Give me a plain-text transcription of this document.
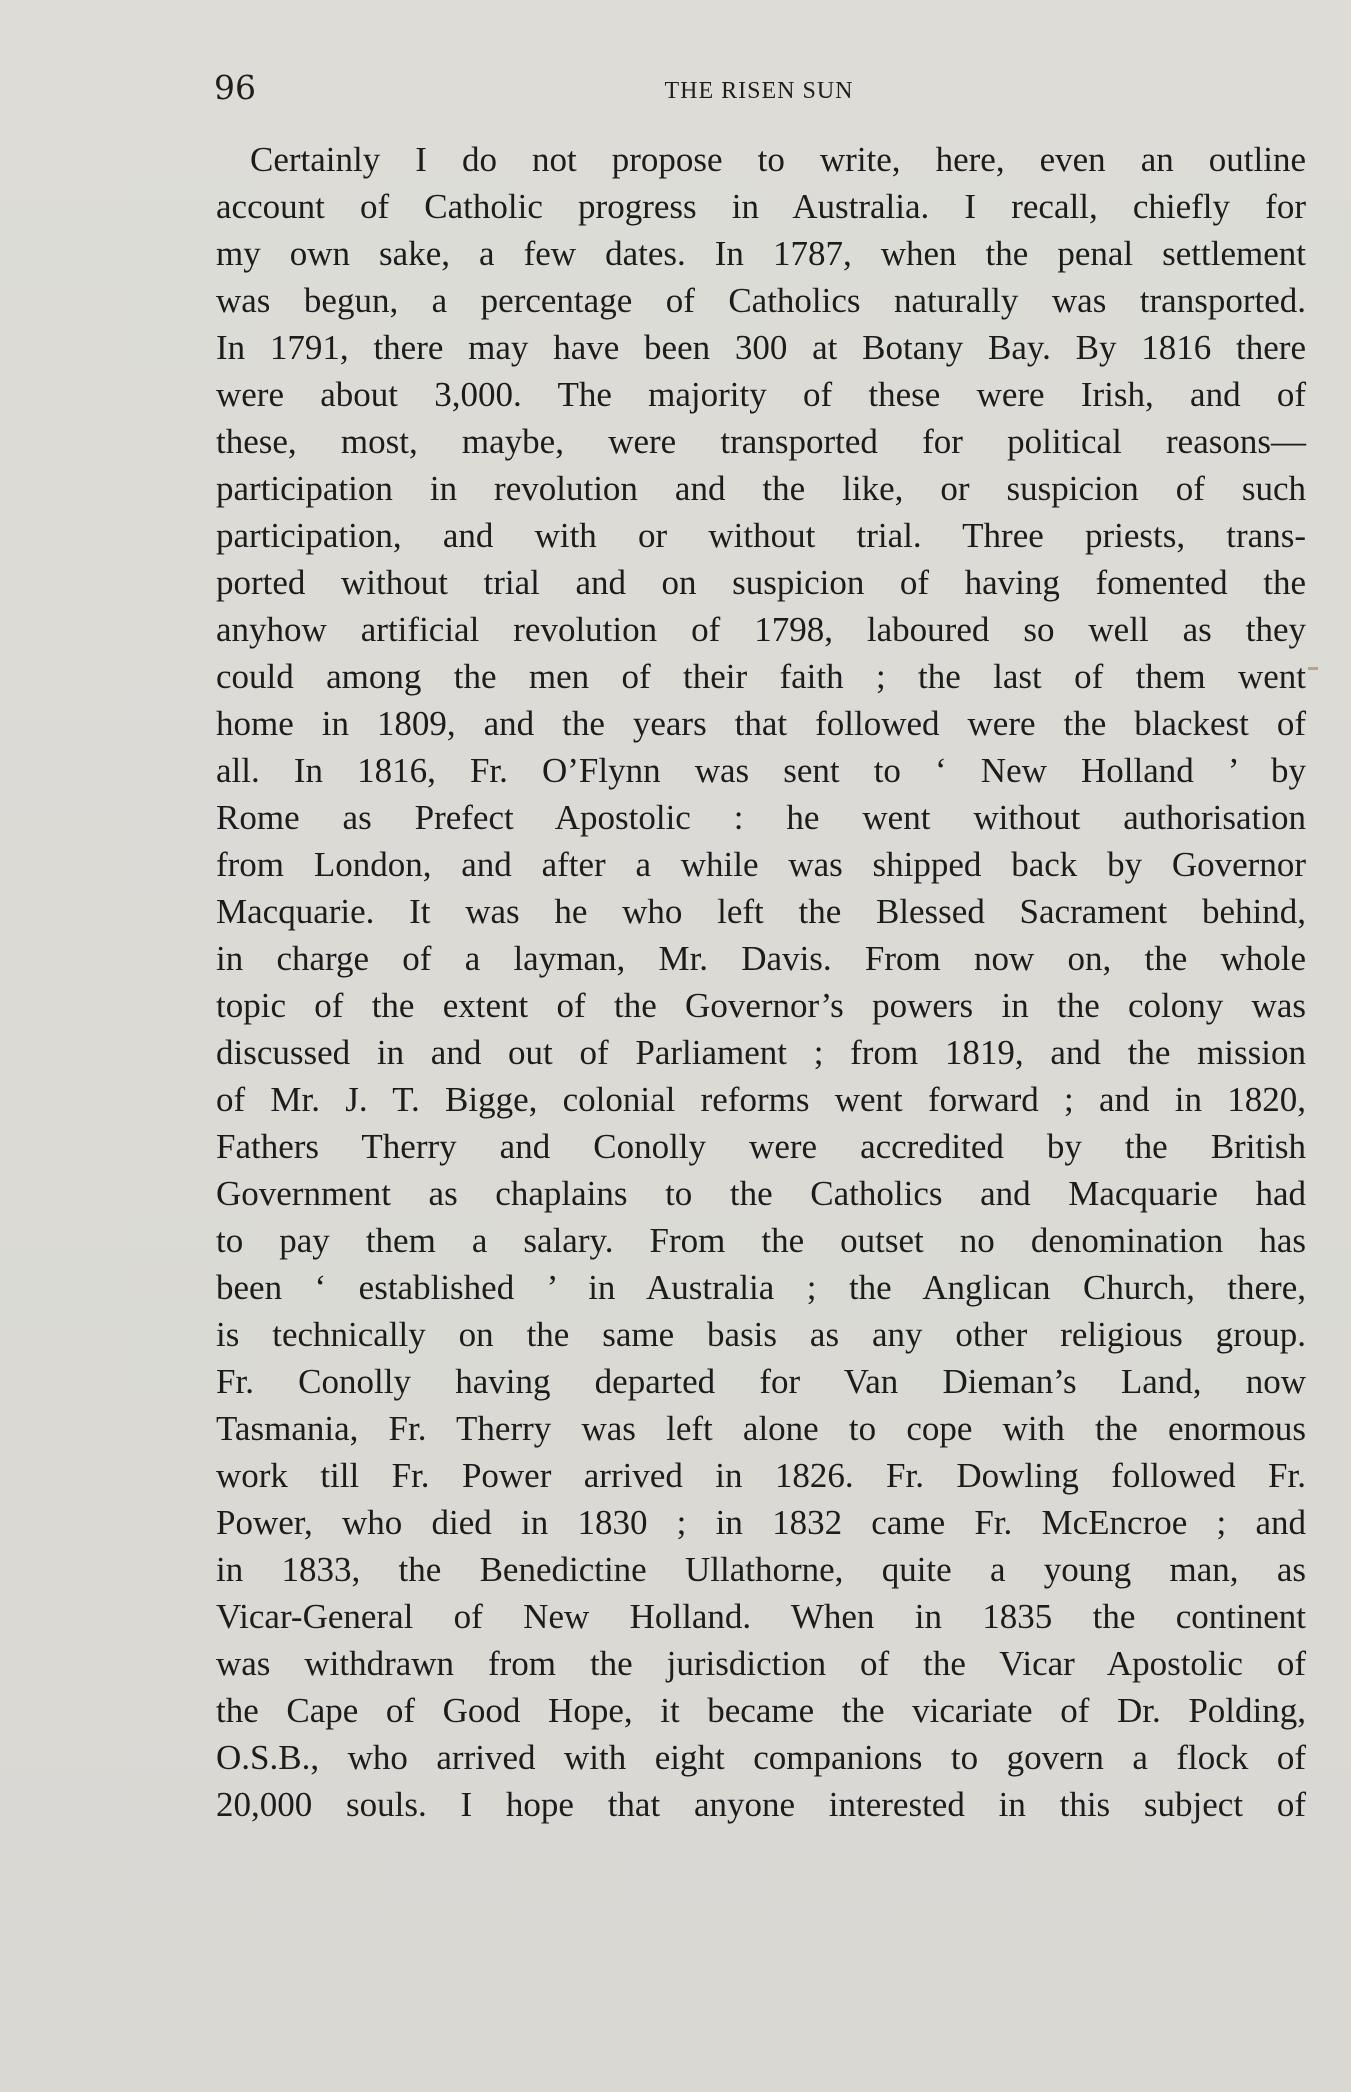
96	THE RISEN SUN
Certainly I do not propose to write, here, even an outline
account of Catholic progress in Australia. I recall, chiefly for
my own sake, a few dates. In 1787, when the penal settlement
was begun, a percentage of Catholics naturally was transported.
In 1791, there may have been 300 at Botany Bay. By 1816 there
were about 3,000. The majority of these were Irish, and of
these, most, maybe, were transported for political reasons—
participation in revolution and the like, or suspicion of such
participation, and with or without trial. Three priests, trans-
ported without trial and on suspicion of having fomented the
anyhow artificial revolution of 1798, laboured so well as they
could among the men of their faith ; the last of them went
home in 1809, and the years that followed were the blackest of
all. In 1816, Fr. O’Flynn was sent to ‘ New Holland ’ by
Rome as Prefect Apostolic : he went without authorisation
from London, and after a while was shipped back by Governor
Macquarie. It was he who left the Blessed Sacrament behind,
in charge of a layman, Mr. Davis. From now on, the whole
topic of the extent of the Governor’s powers in the colony was
discussed in and out of Parliament ; from 1819, and the mission
of Mr. J. T. Bigge, colonial reforms went forward ; and in 1820,
Fathers Therry and Conolly were accredited by the British
Government as chaplains to the Catholics and Macquarie had
to pay them a salary. From the outset no denomination has
been ‘ established ’ in Australia ; the Anglican Church, there,
is technically on the same basis as any other religious group.
Fr. Conolly having departed for Van Dieman’s Land, now
Tasmania, Fr. Therry was left alone to cope with the enormous
work till Fr. Power arrived in 1826. Fr. Dowling followed Fr.
Power, who died in 1830 ; in 1832 came Fr. McEncroe ; and
in 1833, the Benedictine Ullathorne, quite a young man, as
Vicar-General of New Holland. When in 1835 the continent
was withdrawn from the jurisdiction of the Vicar Apostolic of
the Cape of Good Hope, it became the vicariate of Dr. Polding,
O.S.B., who arrived with eight companions to govern a flock of
20,000 souls. I hope that anyone interested in this subject of
